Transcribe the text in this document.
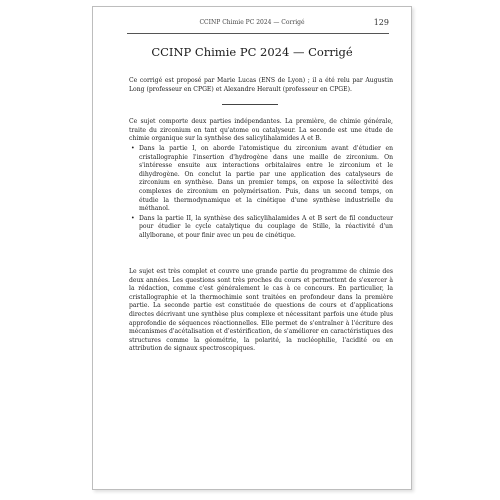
CCINP Chimie PC 2024 — Corrigé	129
CCINP Chimie PC 2024 — Corrigé

Ce corrigé est proposé par Marie Lucas (ENS de Lyon) ; il a été relu par Augustin Long (professeur en CPGE) et Alexandre Herault (professeur en CPGE).

Ce sujet comporte deux parties indépendantes. La première, de chimie générale, traite du zirconium en tant qu'atome ou catalyseur. La seconde est une étude de chimie organique sur la synthèse des salicylihalamides A et B.

• Dans la partie I, on aborde l'atomistique du zirconium avant d'étudier en cristallographie l'insertion d'hydrogène dans une maille de zirconium. On s'intéresse ensuite aux interactions orbitalaires entre le zirconium et le dihydrogène. On conclut la partie par une application des catalyseurs de zirconium en synthèse. Dans un premier temps, on expose la sélectivité des complexes de zirconium en polymérisation. Puis, dans un second temps, on étudie la thermodynamique et la cinétique d'une synthèse industrielle du méthanol.
• Dans la partie II, la synthèse des salicylihalamides A et B sert de fil conducteur pour étudier le cycle catalytique du couplage de Stille, la réactivité d'un allylborane, et pour finir avec un peu de cinétique.

Le sujet est très complet et couvre une grande partie du programme de chimie des deux années. Les questions sont très proches du cours et permettent de s'exercer à la rédaction, comme c'est généralement le cas à ce concours. En particulier, la cristallographie et la thermochimie sont traitées en profondeur dans la première partie. La seconde partie est constituée de questions de cours et d'applications directes décrivant une synthèse plus complexe et nécessitant parfois une étude plus approfondie de séquences réactionnelles. Elle permet de s'entraîner à l'écriture des mécanismes d'acétalisation et d'estérification, de s'améliorer en caractéristiques des structures comme la géométrie, la polarité, la nucléophilie, l'acidité ou en attribution de signaux spectroscopiques.
